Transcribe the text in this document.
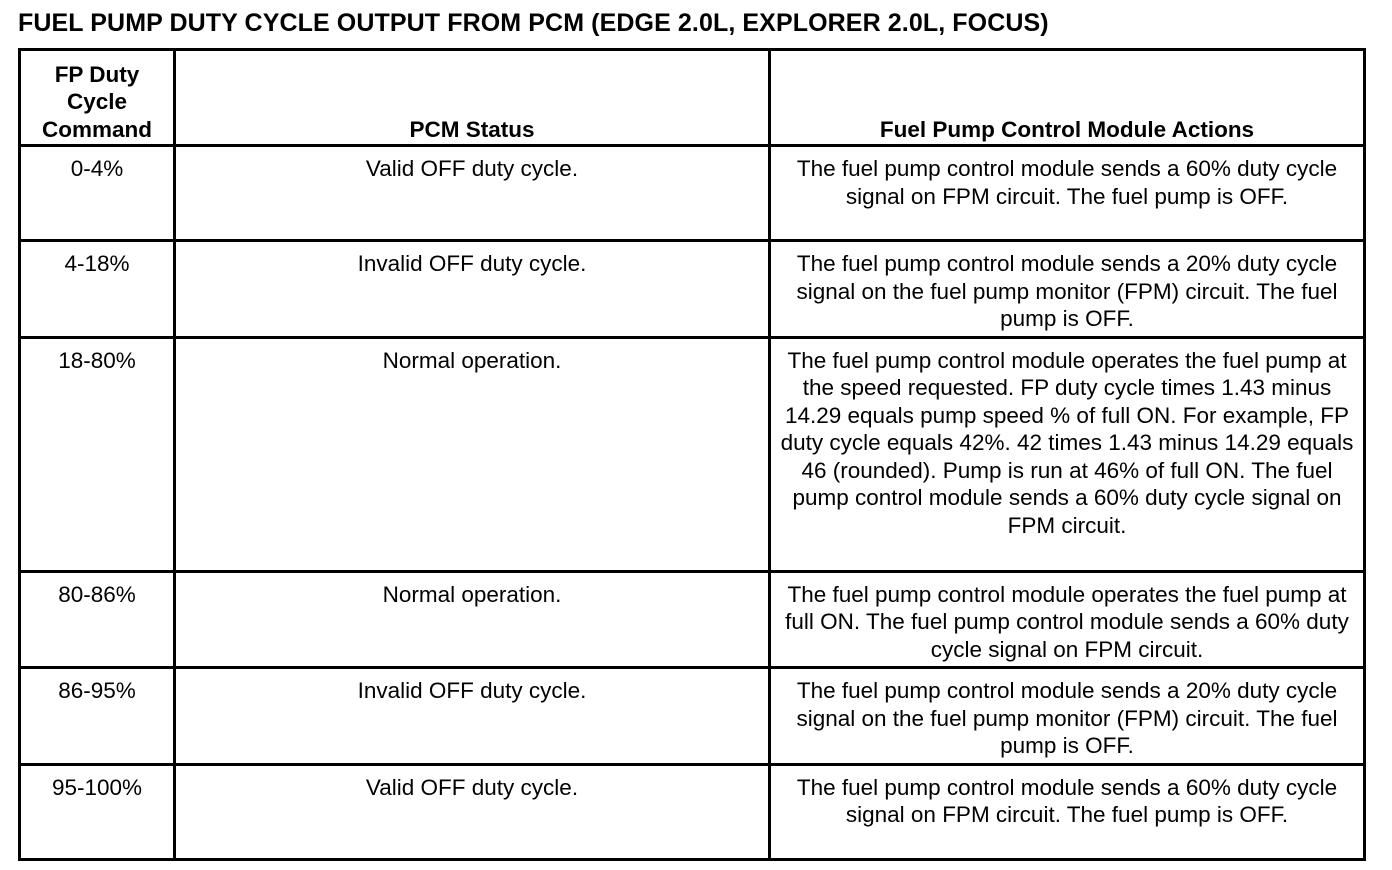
FUEL PUMP DUTY CYCLE OUTPUT FROM PCM (EDGE 2.0L, EXPLORER 2.0L, FOCUS)
FP Duty Cycle Command	PCM Status	Fuel Pump Control Module Actions
0-4%	Valid OFF duty cycle.	The fuel pump control module sends a 60% duty cycle signal on FPM circuit. The fuel pump is OFF.
4-18%	Invalid OFF duty cycle.	The fuel pump control module sends a 20% duty cycle signal on the fuel pump monitor (FPM) circuit. The fuel pump is OFF.
18-80%	Normal operation.	The fuel pump control module operates the fuel pump at the speed requested. FP duty cycle times 1.43 minus 14.29 equals pump speed % of full ON. For example, FP duty cycle equals 42%. 42 times 1.43 minus 14.29 equals 46 (rounded). Pump is run at 46% of full ON. The fuel pump control module sends a 60% duty cycle signal on FPM circuit.
80-86%	Normal operation.	The fuel pump control module operates the fuel pump at full ON. The fuel pump control module sends a 60% duty cycle signal on FPM circuit.
86-95%	Invalid OFF duty cycle.	The fuel pump control module sends a 20% duty cycle signal on the fuel pump monitor (FPM) circuit. The fuel pump is OFF.
95-100%	Valid OFF duty cycle.	The fuel pump control module sends a 60% duty cycle signal on FPM circuit. The fuel pump is OFF.
